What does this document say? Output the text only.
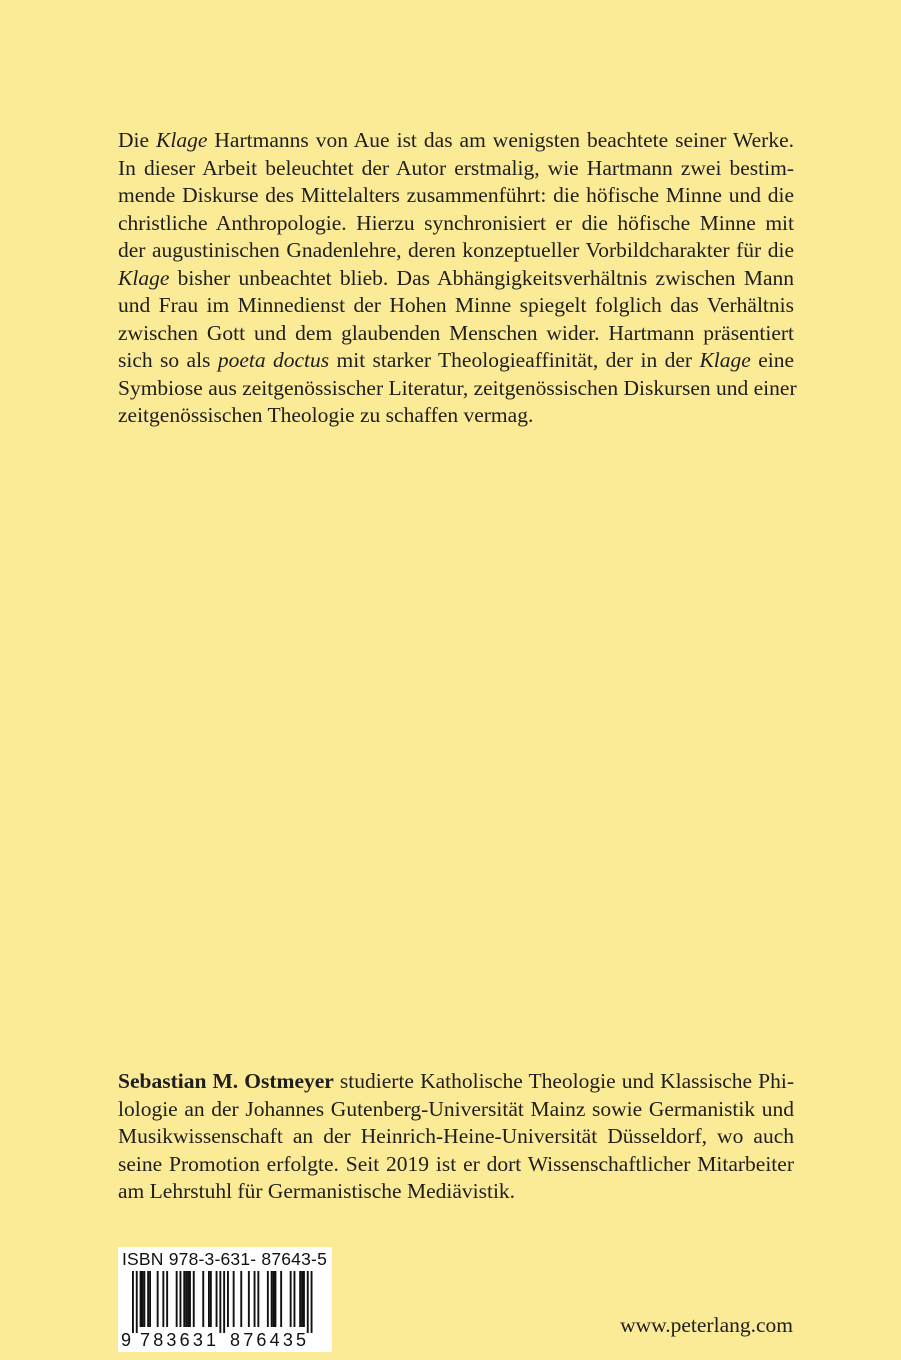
Die Klage Hartmanns von Aue ist das am wenigsten beachtete seiner Werke.
In dieser Arbeit beleuchtet der Autor erstmalig, wie Hartmann zwei bestim-
mende Diskurse des Mittelalters zusammenführt: die höfische Minne und die
christliche Anthropologie. Hierzu synchronisiert er die höfische Minne mit
der augustinischen Gnadenlehre, deren konzeptueller Vorbildcharakter für die
Klage bisher unbeachtet blieb. Das Abhängigkeitsverhältnis zwischen Mann
und Frau im Minnedienst der Hohen Minne spiegelt folglich das Verhältnis
zwischen Gott und dem glaubenden Menschen wider. Hartmann präsentiert
sich so als poeta doctus mit starker Theologieaffinität, der in der Klage eine
Symbiose aus zeitgenössischer Literatur, zeitgenössischen Diskursen und einer
zeitgenössischen Theologie zu schaffen vermag.
Sebastian M. Ostmeyer studierte Katholische Theologie und Klassische Phi-
lologie an der Johannes Gutenberg-Universität Mainz sowie Germanistik und
Musikwissenschaft an der Heinrich-Heine-Universität Düsseldorf, wo auch
seine Promotion erfolgte. Seit 2019 ist er dort Wissenschaftlicher Mitarbeiter
am Lehrstuhl für Germanistische Mediävistik.
ISBN 978-3-631- 87643-5
9 783631 876435
www.peterlang.com
